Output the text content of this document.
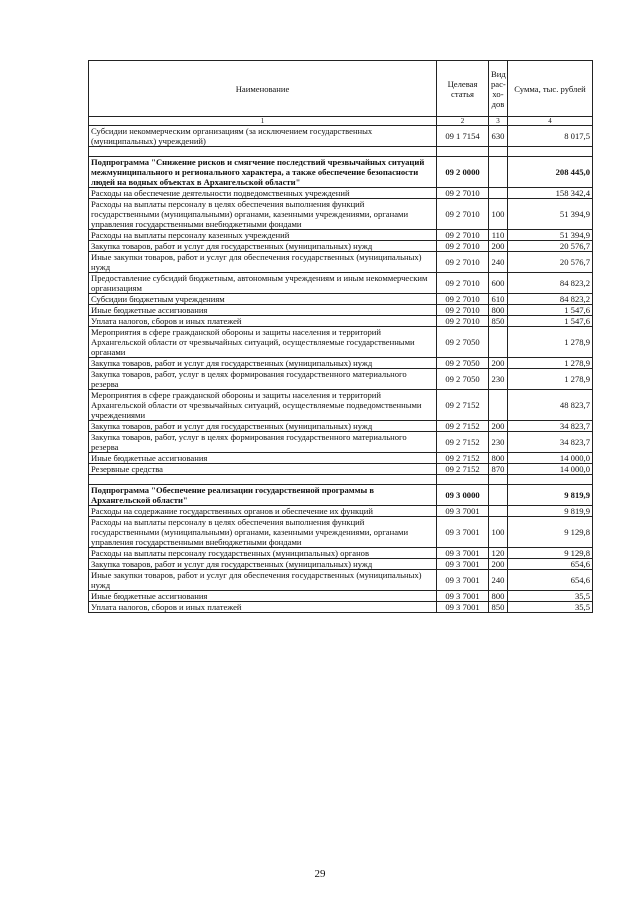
Наименование	Целевая статья	Вид рас- хо- дов	Сумма, тыс. рублей
1	2	3	4
Субсидии некоммерческим организациям (за исключением государственных (муниципальных) учреждений)	09 1 7154	630	8 017,5

Подпрограмма "Снижение рисков и смягчение последствий чрезвычайных ситуаций межмуниципального и регионального характера, а также обеспечение безопасности людей на водных объектах в Архангельской области"	09 2 0000		208 445,0
Расходы на обеспечение деятельности подведомственных учреждений	09 2 7010		158 342,4
Расходы на выплаты персоналу в целях обеспечения выполнения функций государственными (муниципальными) органами, казенными учреждениями, органами управления государственными внебюджетными фондами	09 2 7010	100	51 394,9
Расходы на выплаты персоналу казенных учреждений	09 2 7010	110	51 394,9
Закупка товаров, работ и услуг для государственных (муниципальных) нужд	09 2 7010	200	20 576,7
Иные закупки товаров, работ и услуг для обеспечения государственных (муниципальных) нужд	09 2 7010	240	20 576,7
Предоставление субсидий бюджетным, автономным учреждениям и иным некоммерческим организациям	09 2 7010	600	84 823,2
Субсидии бюджетным учреждениям	09 2 7010	610	84 823,2
Иные бюджетные ассигнования	09 2 7010	800	1 547,6
Уплата налогов, сборов и иных платежей	09 2 7010	850	1 547,6
Мероприятия в сфере гражданской обороны и защиты населения и территорий Архангельской области от чрезвычайных ситуаций, осуществляемые государственными органами	09 2 7050		1 278,9
Закупка товаров, работ и услуг для государственных (муниципальных) нужд	09 2 7050	200	1 278,9
Закупка товаров, работ, услуг в целях формирования государственного материального резерва	09 2 7050	230	1 278,9
Мероприятия в сфере гражданской обороны и защиты населения и территорий Архангельской области от чрезвычайных ситуаций, осуществляемые подведомственными учреждениями	09 2 7152		48 823,7
Закупка товаров, работ и услуг для государственных (муниципальных) нужд	09 2 7152	200	34 823,7
Закупка товаров, работ, услуг в целях формирования государственного материального резерва	09 2 7152	230	34 823,7
Иные бюджетные ассигнования	09 2 7152	800	14 000,0
Резервные средства	09 2 7152	870	14 000,0

Подпрограмма "Обеспечение реализации государственной программы в Архангельской области"	09 3 0000		9 819,9
Расходы на содержание государственных органов и обеспечение их функций	09 3 7001		9 819,9
Расходы на выплаты персоналу в целях обеспечения выполнения функций государственными (муниципальными) органами, казенными учреждениями, органами управления государственными внебюджетными фондами	09 3 7001	100	9 129,8
Расходы на выплаты персоналу государственных (муниципальных) органов	09 3 7001	120	9 129,8
Закупка товаров, работ и услуг для государственных (муниципальных) нужд	09 3 7001	200	654,6
Иные закупки товаров, работ и услуг для обеспечения государственных (муниципальных) нужд	09 3 7001	240	654,6
Иные бюджетные ассигнования	09 3 7001	800	35,5
Уплата налогов, сборов и иных платежей	09 3 7001	850	35,5
29
